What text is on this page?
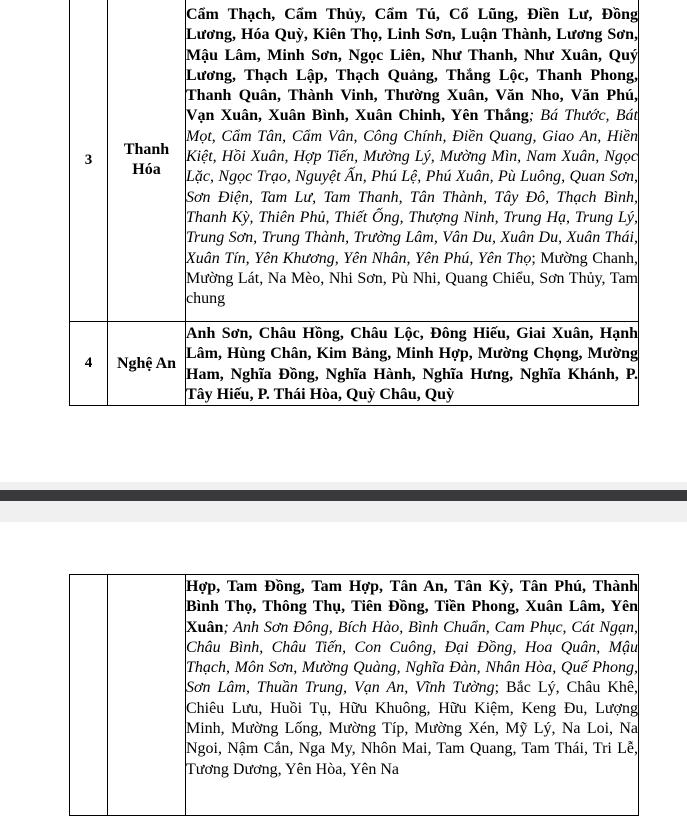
3	Thanh Hóa	Cẩm Thạch, Cẩm Thủy, Cẩm Tú, Cổ Lũng, Điền Lư, Đồng Lương, Hóa Quỳ, Kiên Thọ, Linh Sơn, Luận Thành, Lương Sơn, Mậu Lâm, Minh Sơn, Ngọc Liên, Như Thanh, Như Xuân, Quý Lương, Thạch Lập, Thạch Quảng, Thắng Lộc, Thanh Phong, Thanh Quân, Thành Vinh, Thường Xuân, Văn Nho, Văn Phú, Vạn Xuân, Xuân Bình, Xuân Chinh, Yên Thắng; Bá Thước, Bát Mọt, Cẩm Tân, Cẩm Vân, Công Chính, Điền Quang, Giao An, Hiền Kiệt, Hồi Xuân, Hợp Tiến, Mường Lý, Mường Mìn, Nam Xuân, Ngọc Lặc, Ngọc Trạo, Nguyệt Ấn, Phú Lệ, Phú Xuân, Pù Luông, Quan Sơn, Sơn Điện, Tam Lư, Tam Thanh, Tân Thành, Tây Đô, Thạch Bình, Thanh Kỳ, Thiên Phủ, Thiết Ống, Thượng Ninh, Trung Hạ, Trung Lý, Trung Sơn, Trung Thành, Trường Lâm, Vân Du, Xuân Du, Xuân Thái, Xuân Tín, Yên Khương, Yên Nhân, Yên Phú, Yên Thọ; Mường Chanh, Mường Lát, Na Mèo, Nhi Sơn, Pù Nhi, Quang Chiểu, Sơn Thủy, Tam chung
4	Nghệ An	Anh Sơn, Châu Hồng, Châu Lộc, Đông Hiếu, Giai Xuân, Hạnh Lâm, Hùng Chân, Kim Bảng, Minh Hợp, Mường Chọng, Mường Ham, Nghĩa Đồng, Nghĩa Hành, Nghĩa Hưng, Nghĩa Khánh, P. Tây Hiếu, P. Thái Hòa, Quỳ Châu, Quỳ
		Hợp, Tam Đồng, Tam Hợp, Tân An, Tân Kỳ, Tân Phú, Thành Bình Thọ, Thông Thụ, Tiên Đồng, Tiền Phong, Xuân Lâm, Yên Xuân; Anh Sơn Đông, Bích Hào, Bình Chuẩn, Cam Phục, Cát Ngạn, Châu Bình, Châu Tiến, Con Cuông, Đại Đồng, Hoa Quân, Mậu Thạch, Môn Sơn, Mường Quàng, Nghĩa Đàn, Nhân Hòa, Quế Phong, Sơn Lâm, Thuần Trung, Vạn An, Vĩnh Tường; Bắc Lý, Châu Khê, Chiêu Lưu, Huồi Tụ, Hữu Khuông, Hữu Kiệm, Keng Đu, Lượng Minh, Mường Lống, Mường Típ, Mường Xén, Mỹ Lý, Na Loi, Na Ngoi, Nậm Cắn, Nga My, Nhôn Mai, Tam Quang, Tam Thái, Tri Lễ, Tương Dương, Yên Hòa, Yên Na
